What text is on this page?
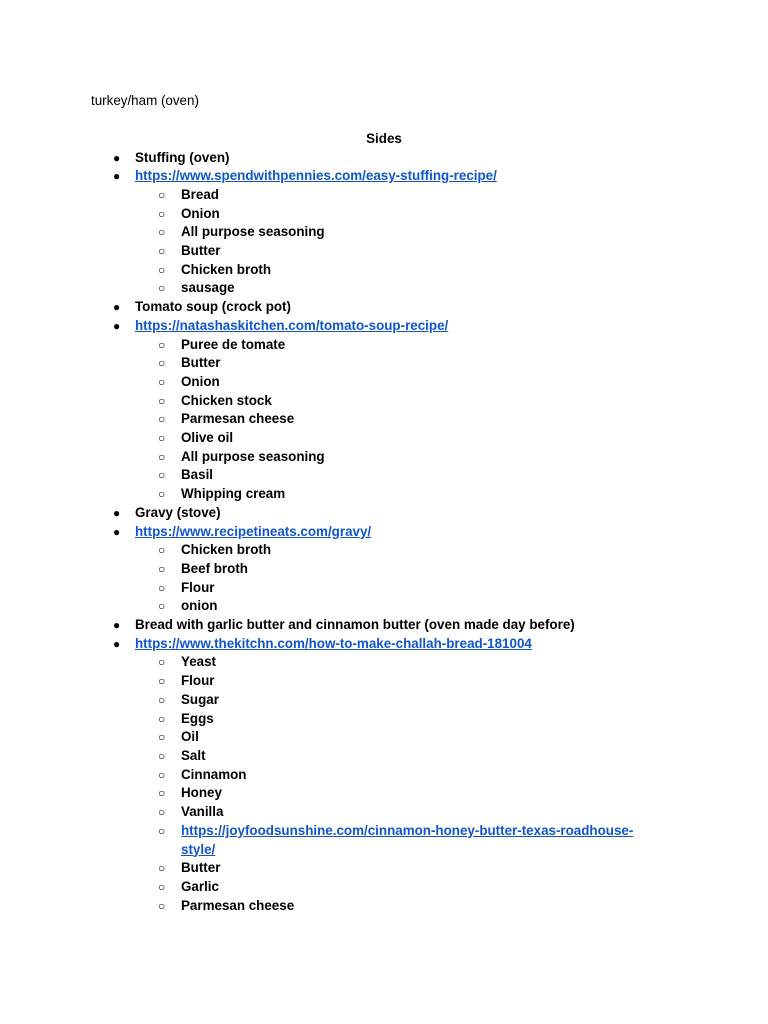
turkey/ham (oven)
Sides
● Stuffing (oven)
● https://www.spendwithpennies.com/easy-stuffing-recipe/
○ Bread
○ Onion
○ All purpose seasoning
○ Butter
○ Chicken broth
○ sausage
● Tomato soup (crock pot)
● https://natashaskitchen.com/tomato-soup-recipe/
○ Puree de tomate
○ Butter
○ Onion
○ Chicken stock
○ Parmesan cheese
○ Olive oil
○ All purpose seasoning
○ Basil
○ Whipping cream
● Gravy (stove)
● https://www.recipetineats.com/gravy/
○ Chicken broth
○ Beef broth
○ Flour
○ onion
● Bread with garlic butter and cinnamon butter (oven made day before)
● https://www.thekitchn.com/how-to-make-challah-bread-181004
○ Yeast
○ Flour
○ Sugar
○ Eggs
○ Oil
○ Salt
○ Cinnamon
○ Honey
○ Vanilla
○ https://joyfoodsunshine.com/cinnamon-honey-butter-texas-roadhouse-style/
○ Butter
○ Garlic
○ Parmesan cheese
